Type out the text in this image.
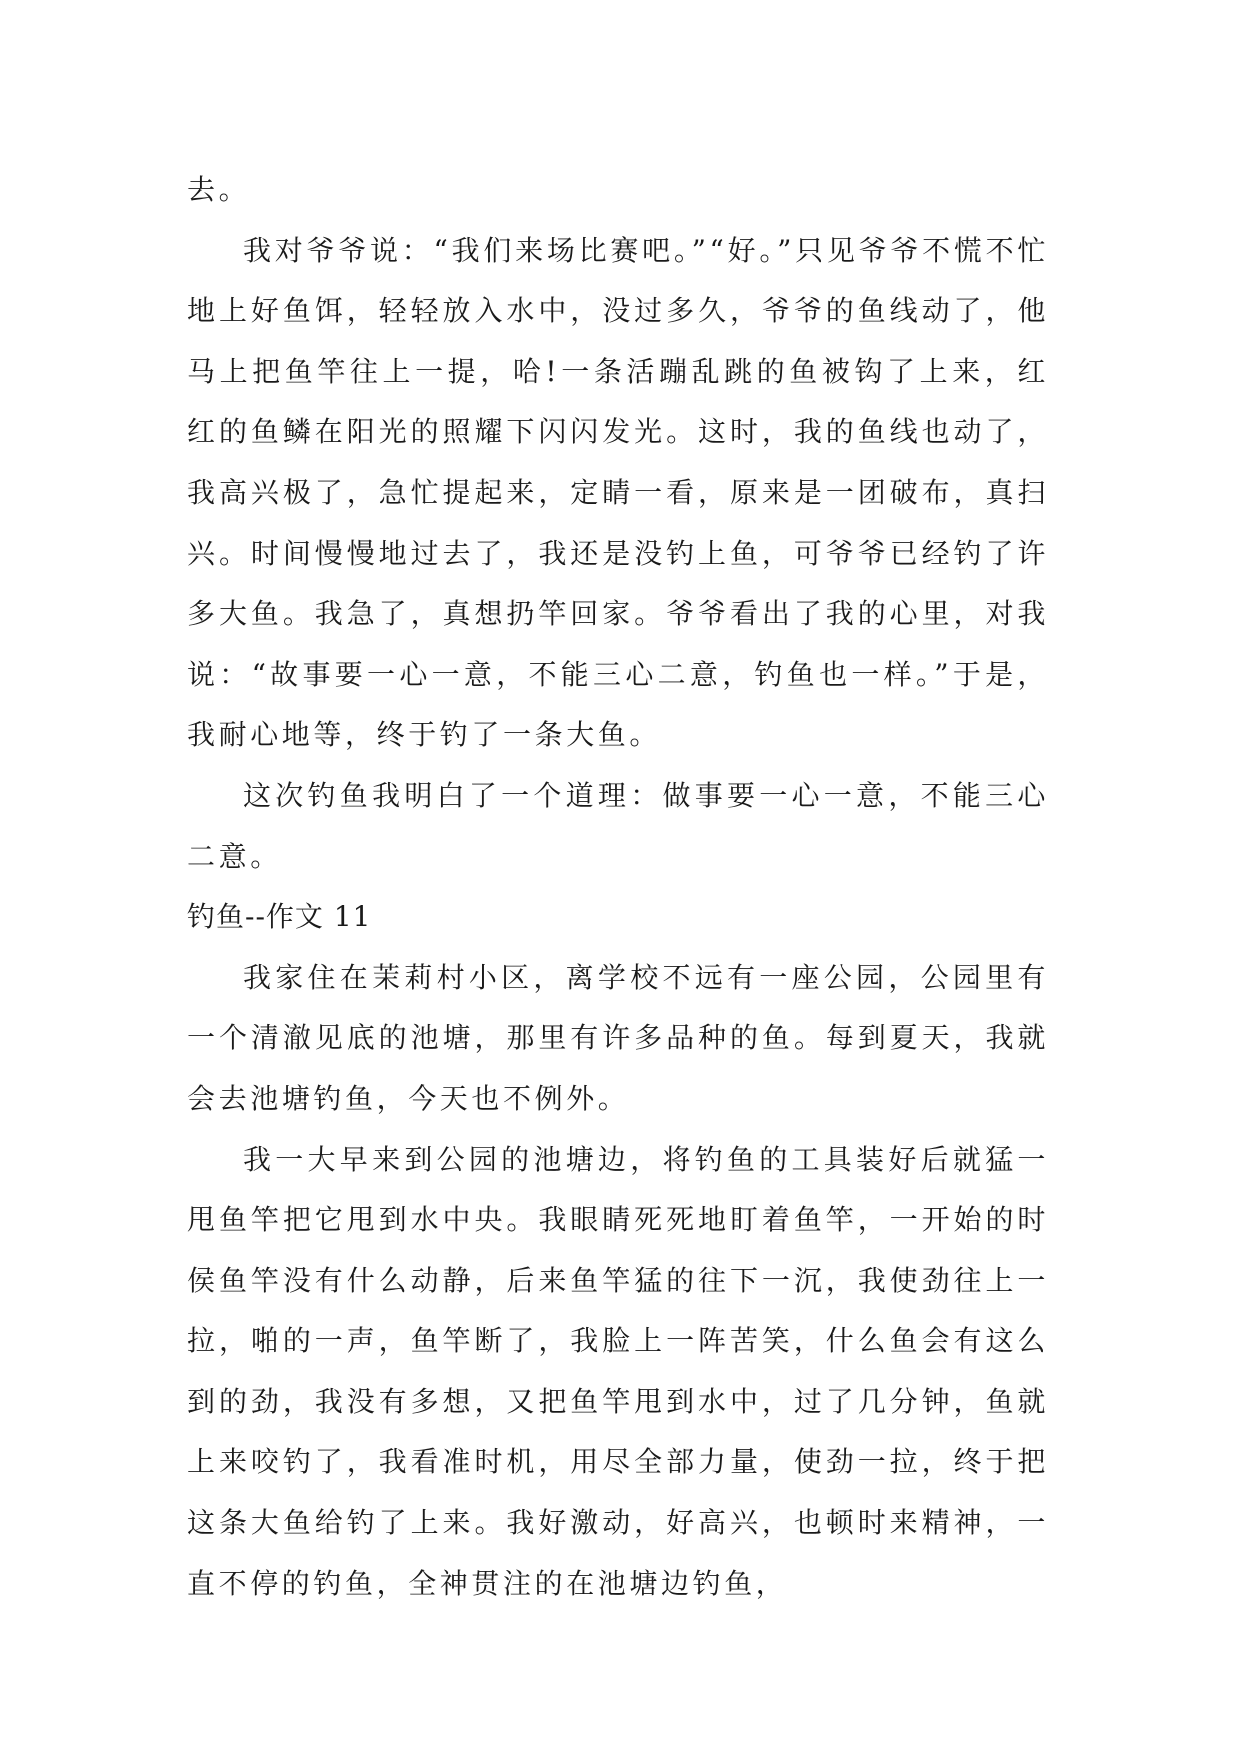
去。

我对爷爷说：“我们来场比赛吧。”“好。”只见爷爷不慌不忙地上好鱼饵，轻轻放入水中，没过多久，爷爷的鱼线动了，他马上把鱼竿往上一提，哈!一条活蹦乱跳的鱼被钩了上来，红红的鱼鳞在阳光的照耀下闪闪发光。这时，我的鱼线也动了，我高兴极了，急忙提起来，定睛一看，原来是一团破布，真扫兴。时间慢慢地过去了，我还是没钓上鱼，可爷爷已经钓了许多大鱼。我急了，真想扔竿回家。爷爷看出了我的心里，对我说：“故事要一心一意，不能三心二意，钓鱼也一样。”于是，我耐心地等，终于钓了一条大鱼。

这次钓鱼我明白了一个道理：做事要一心一意，不能三心二意。

钓鱼--作文 11

我家住在茉莉村小区，离学校不远有一座公园，公园里有一个清澈见底的池塘，那里有许多品种的鱼。每到夏天，我就会去池塘钓鱼，今天也不例外。

我一大早来到公园的池塘边，将钓鱼的工具装好后就猛一甩鱼竿把它甩到水中央。我眼睛死死地盯着鱼竿，一开始的时侯鱼竿没有什么动静，后来鱼竿猛的往下一沉，我使劲往上一拉，啪的一声，鱼竿断了，我脸上一阵苦笑，什么鱼会有这么到的劲，我没有多想，又把鱼竿甩到水中，过了几分钟，鱼就上来咬钓了，我看准时机，用尽全部力量，使劲一拉，终于把这条大鱼给钓了上来。我好激动，好高兴，也顿时来精神，一直不停的钓鱼，全神贯注的在池塘边钓鱼，
